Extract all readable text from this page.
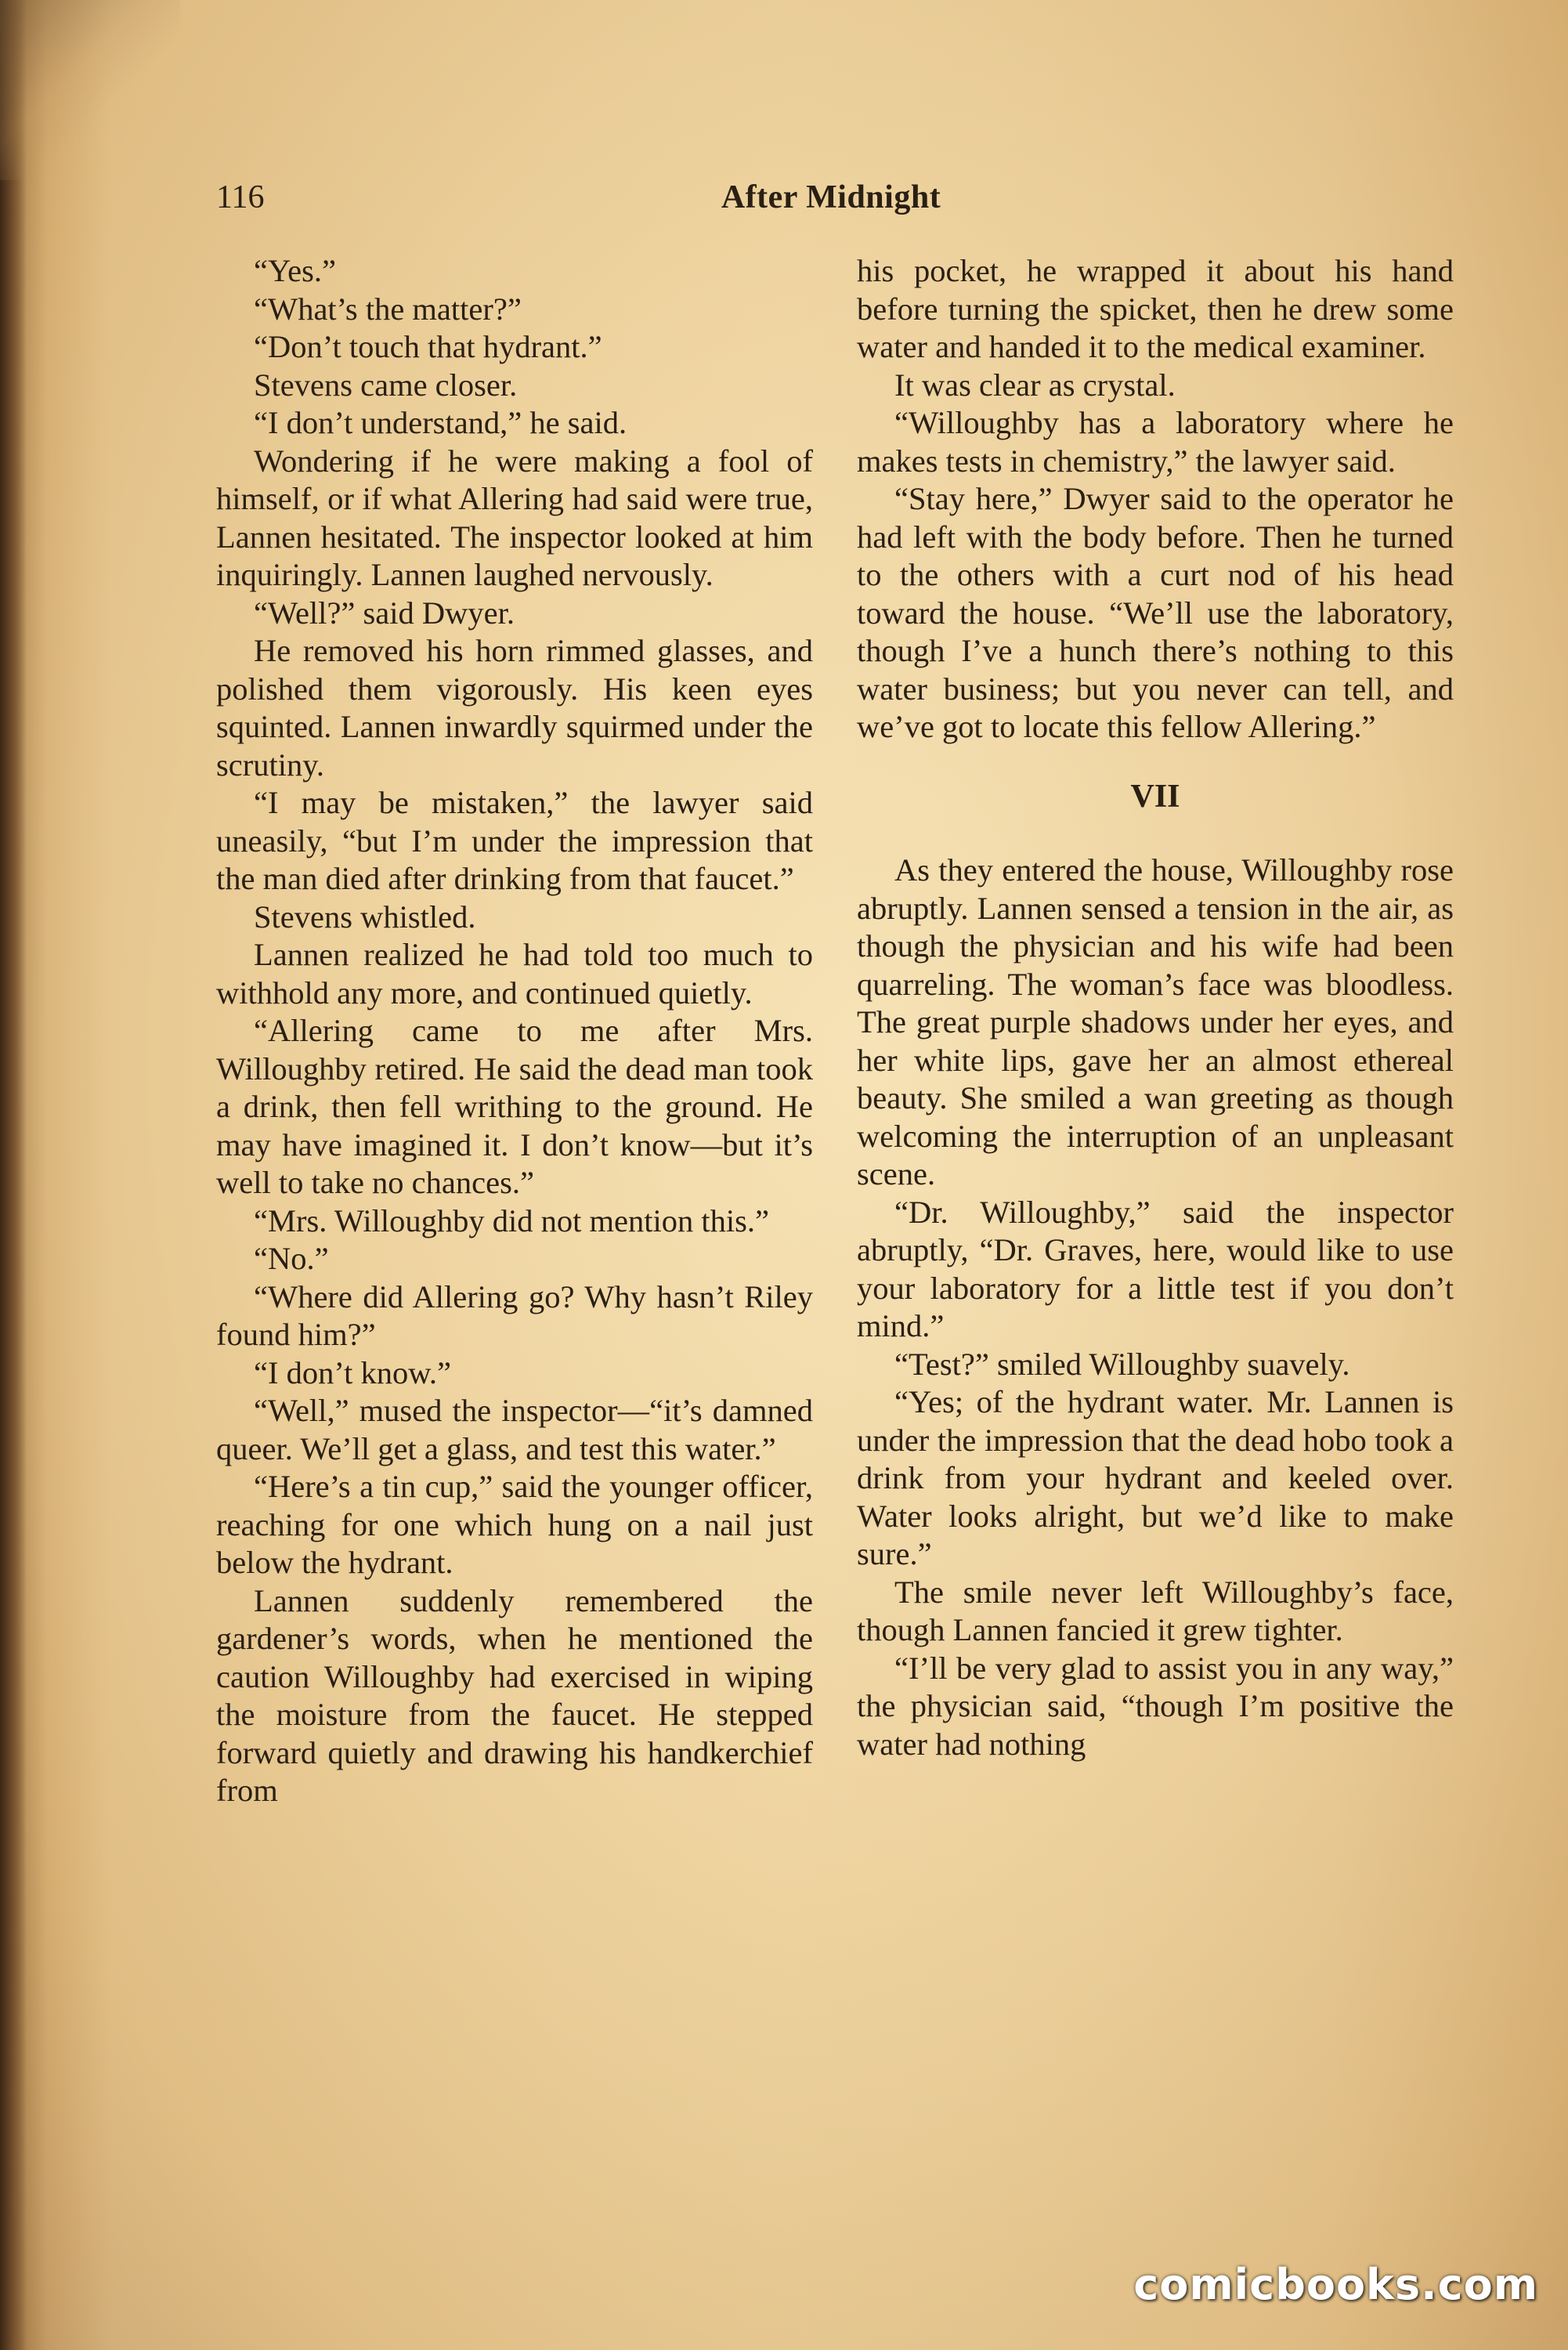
116	After Midnight

“Yes.”

“What’s the matter?”

“Don’t touch that hydrant.”

Stevens came closer.

“I don’t understand,” he said.

Wondering if he were making a fool of himself, or if what Allering had said were true, Lannen hesitated. The inspector looked at him inquiringly. Lannen laughed nervously.

“Well?” said Dwyer.

He removed his horn rimmed glasses, and polished them vigorously. His keen eyes squinted. Lannen inwardly squirmed under the scrutiny.

“I may be mistaken,” the lawyer said uneasily, “but I’m under the impression that the man died after drinking from that faucet.”

Stevens whistled.

Lannen realized he had told too much to withhold any more, and continued quietly.

“Allering came to me after Mrs. Willoughby retired. He said the dead man took a drink, then fell writhing to the ground. He may have imagined it. I don’t know—but it’s well to take no chances.”

“Mrs. Willoughby did not mention this.”

“No.”

“Where did Allering go? Why hasn’t Riley found him?”

“I don’t know.”

“Well,” mused the inspector—“it’s damned queer. We’ll get a glass, and test this water.”

“Here’s a tin cup,” said the younger officer, reaching for one which hung on a nail just below the hydrant.

Lannen suddenly remembered the gardener’s words, when he mentioned the caution Willoughby had exercised in wiping the moisture from the faucet. He stepped forward quietly and drawing his handkerchief from

his pocket, he wrapped it about his hand before turning the spicket, then he drew some water and handed it to the medical examiner.

It was clear as crystal.

“Willoughby has a laboratory where he makes tests in chemistry,” the lawyer said.

“Stay here,” Dwyer said to the operator he had left with the body before. Then he turned to the others with a curt nod of his head toward the house. “We’ll use the laboratory, though I’ve a hunch there’s nothing to this water business; but you never can tell, and we’ve got to locate this fellow Allering.”

VII

As they entered the house, Willoughby rose abruptly. Lannen sensed a tension in the air, as though the physician and his wife had been quarreling. The woman’s face was bloodless. The great purple shadows under her eyes, and her white lips, gave her an almost ethereal beauty. She smiled a wan greeting as though welcoming the interruption of an unpleasant scene.

“Dr. Willoughby,” said the inspector abruptly, “Dr. Graves, here, would like to use your laboratory for a little test if you don’t mind.”

“Test?” smiled Willoughby suavely.

“Yes; of the hydrant water. Mr. Lannen is under the impression that the dead hobo took a drink from your hydrant and keeled over. Water looks alright, but we’d like to make sure.”

The smile never left Willoughby’s face, though Lannen fancied it grew tighter.

“I’ll be very glad to assist you in any way,” the physician said, “though I’m positive the water had nothing

comicbooks.com
